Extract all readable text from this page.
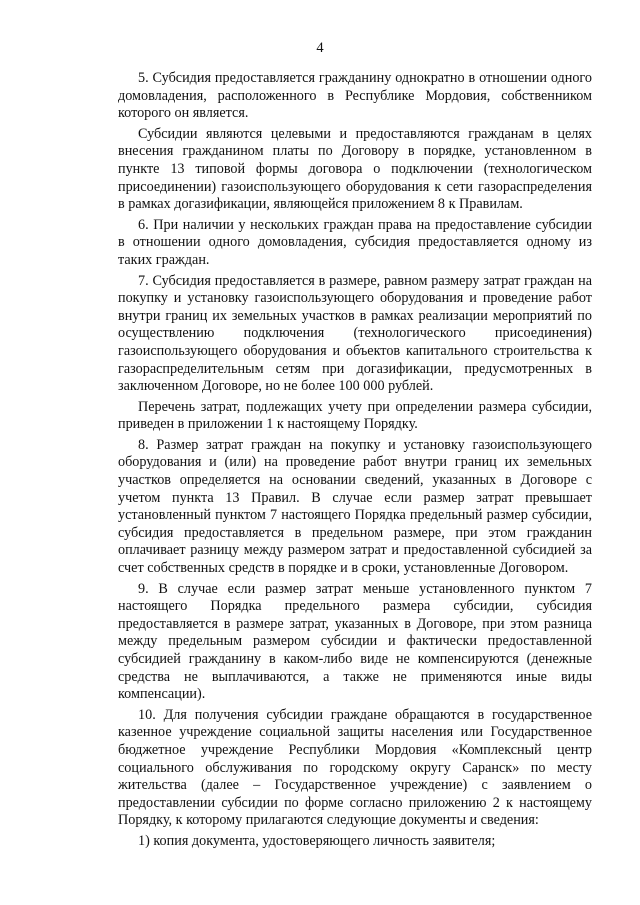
4

5. Субсидия предоставляется гражданину однократно в отношении одного домовладения, расположенного в Республике Мордовия, собственником которого он является.

Субсидии являются целевыми и предоставляются гражданам в целях внесения гражданином платы по Договору в порядке, установленном в пункте 13 типовой формы договора о подключении (технологическом присоединении) газоиспользующего оборудования к сети газораспределения в рамках догазификации, являющейся приложением 8 к Правилам.

6. При наличии у нескольких граждан права на предоставление субсидии в отношении одного домовладения, субсидия предоставляется одному из таких граждан.

7. Субсидия предоставляется в размере, равном размеру затрат граждан на покупку и установку газоиспользующего оборудования и проведение работ внутри границ их земельных участков в рамках реализации мероприятий по осуществлению подключения (технологического присоединения) газоиспользующего оборудования и объектов капитального строительства к газораспределительным сетям при догазификации, предусмотренных в заключенном Договоре, но не более 100 000 рублей.

Перечень затрат, подлежащих учету при определении размера субсидии, приведен в приложении 1 к настоящему Порядку.

8. Размер затрат граждан на покупку и установку газоиспользующего оборудования и (или) на проведение работ внутри границ их земельных участков определяется на основании сведений, указанных в Договоре с учетом пункта 13 Правил. В случае если размер затрат превышает установленный пунктом 7 настоящего Порядка предельный размер субсидии, субсидия предоставляется в предельном размере, при этом гражданин оплачивает разницу между размером затрат и предоставленной субсидией за счет собственных средств в порядке и в сроки, установленные Договором.

9. В случае если размер затрат меньше установленного пунктом 7 настоящего Порядка предельного размера субсидии, субсидия предоставляется в размере затрат, указанных в Договоре, при этом разница между предельным размером субсидии и фактически предоставленной субсидией гражданину в каком-либо виде не компенсируются (денежные средства не выплачиваются, а также не применяются иные виды компенсации).

10. Для получения субсидии граждане обращаются в государственное казенное учреждение социальной защиты населения или Государственное бюджетное учреждение Республики Мордовия «Комплексный центр социального обслуживания по городскому округу Саранск» по месту жительства (далее – Государственное учреждение) с заявлением о предоставлении субсидии по форме согласно приложению 2 к настоящему Порядку, к которому прилагаются следующие документы и сведения:

1) копия документа, удостоверяющего личность заявителя;
